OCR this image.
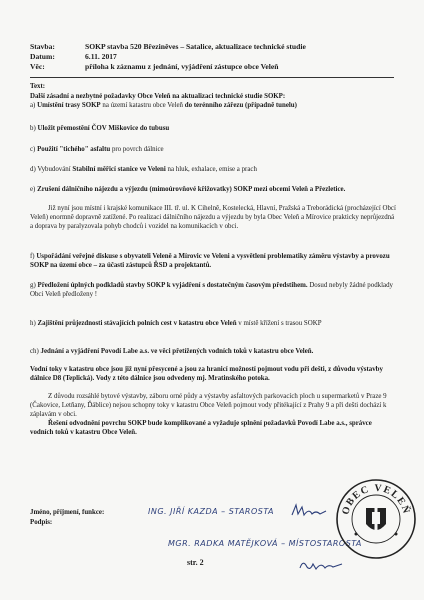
Stavba:	SOKP stavba 520 Březiněves – Satalice, aktualizace technické studie
Datum:	6.11. 2017
Věc:	příloha k záznamu z jednání, vyjádření zástupce obce Veleň
Text:
Další zásadní a nezbytné požadavky Obce Veleň na aktualizaci technické studie SOKP:
a) Umístění trasy SOKP na území katastru obce Veleň do terénního zářezu (případně tunelu)
b) Uložit přemostění ČOV Miškovice do tubusu
c) Použití "tichého" asfaltu pro povrch dálnice
d) Vybudování Stabilní měřicí stanice ve Veleni na hluk, exhalace, emise a prach
e) Zrušení dálničního nájezdu a výjezdu (mimoúrovňové křižovatky) SOKP mezi obcemi Veleň a Přezletice.
Již nyní jsou místní i krajské komunikace III. tř. ul. K Cihelně, Kostelecká, Hlavní, Pražská a Treborádická (procházející Obcí Veleň) enormně dopravně zatížené. Po realizaci dálničního nájezdu a výjezdu by byla Obec Veleň a Mírovice prakticky neprůjezdná a doprava by paralyzovala pohyb chodců i vozidel na komunikacích v obci.
f) Uspořádání veřejné diskuse s obyvateli Veleně a Mírovic ve Veleni a vysvětlení problematiky záměru výstavby a provozu SOKP na území obce – za účasti zástupců ŘSD a projektantů.
g) Předložení úplných podkladů stavby SOKP k vyjádření s dostatečným časovým předstihem. Dosud nebyly žádné podklady Obci Veleň předloženy !
h) Zajištění průjezdnosti stávajících polních cest v katastru obce Veleň v místě křížení s trasou SOKP
ch) Jednání a vyjádření Povodí Labe a.s. ve věci přetížených vodních toků v katastru obce Veleň.
Vodní toky v katastru obce jsou již nyní přesycené a jsou za hranicí možností pojmout vodu při dešti, z důvodu výstavby dálnice D8 (Teplická). Vody z této dálnice jsou odvedeny mj. Mratinského potoka.
Z důvodu rozsáhlé bytové výstavby, záboru orné půdy a výstavby asfaltových parkovacích ploch u supermarketů v Praze 9 (Čakovice, Letňany, Ďáblice) nejsou schopny toky v katastru Obce Veleň pojmout vody přitékající z Prahy 9 a při dešti dochází k záplavám v obci.
Řešení odvodnění povrchu SOKP bude komplikované a vyžaduje splnění požadavků Povodí Labe a.s., správce vodních toků v katastru Obce Veleň.
Jméno, příjmení, funkce:
Podpis:
ING. JIŘÍ KAZDA – STAROSTA
MGR. RADKA MATĚJKOVÁ – MÍSTOSTAROSTA
OBEC VELEŇ
str. 2
